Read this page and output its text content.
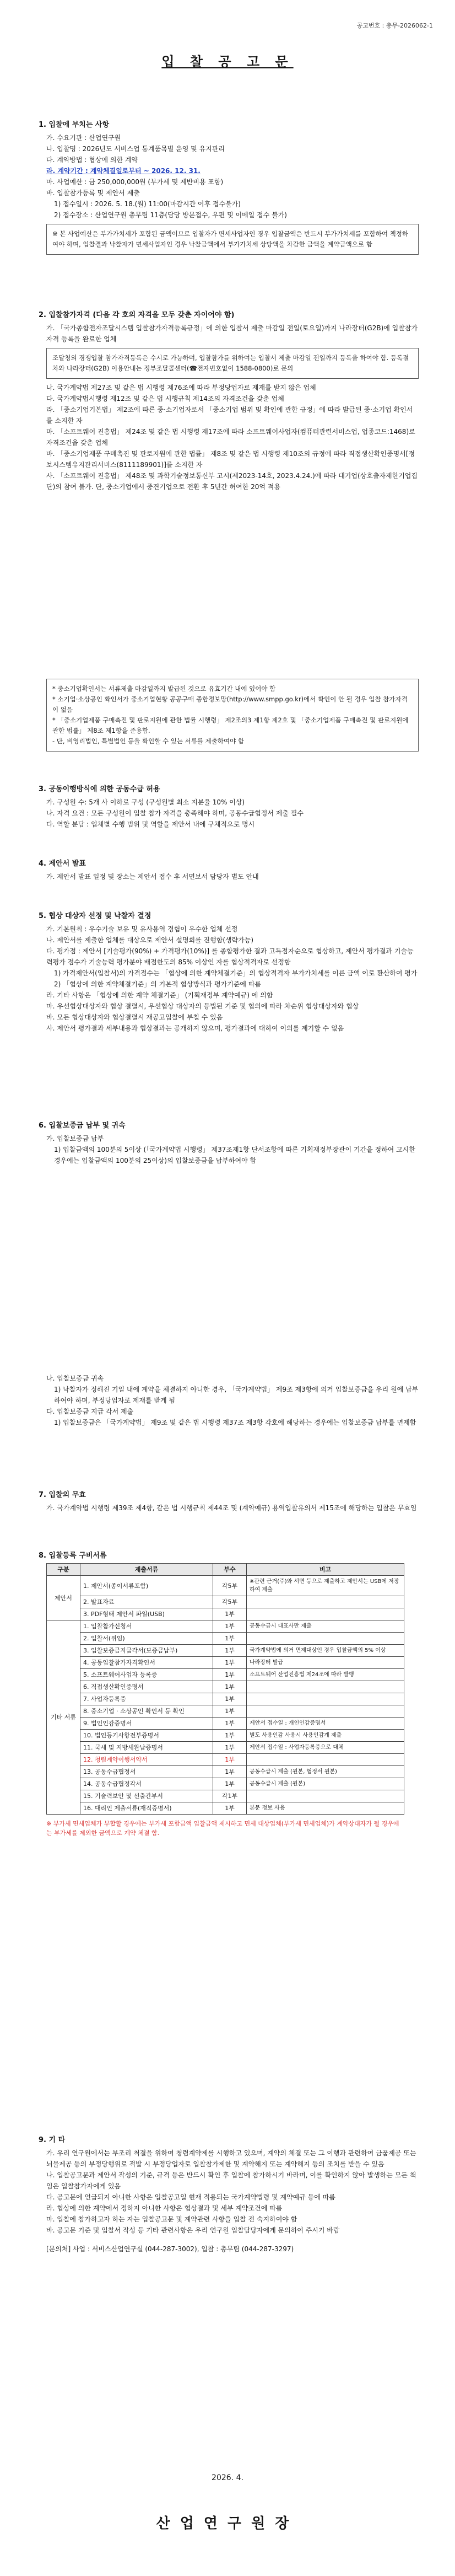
공고번호 : 총무-2026062-1
입 찰 공 고 문
1. 입찰에 부치는 사항
가. 수요기관 : 산업연구원
나. 입찰명 : 2026년도 서비스업 통계품목별 운영 및 유지관리
다. 계약방법 : 협상에 의한 계약
라. 계약기간 : 계약체결일로부터 ~ 2026. 12. 31.
마. 사업예산 : 금 250,000,000원 (부가세 및 제반비용 포함)
바. 입찰참가등록 및 제안서 제출
1) 접수일시 : 2026. 5. 18.(월) 11:00(마감시간 이후 접수불가)
2) 접수장소 : 산업연구원 총무팀 11층(담당 방문접수, 우편 및 이메일 접수 불가)
※ 본 사업예산은 부가가치세가 포함된 금액이므로 입찰자가 면세사업자인 경우 입찰금액은 반드시 부가가치세를 포함하여 책정하여야 하며, 입찰결과 낙찰자가 면세사업자인 경우 낙찰금액에서 부가가치세 상당액을 차감한 금액을 계약금액으로 함
2. 입찰참가자격 (다음 각 호의 자격을 모두 갖춘 자이어야 함)
가. 「국가종합전자조달시스템 입찰참가자격등록규정」에 의한 입찰서 제출 마감일 전일(토요일)까지 나라장터(G2B)에 입찰참가자격 등록을 완료한 업체
조달청의 경쟁입찰 참가자격등록은 수시로 가능하며, 입찰참가를 위하여는 입찰서 제출 마감일 전일까지 등록을 하여야 함. 등록절차와 나라장터(G2B) 이용안내는 정부조달콜센터(☎전자번호없이 1588-0800)로 문의
나. 국가계약법 제27조 및 같은 법 시행령 제76조에 따라 부정당업자로 제재를 받지 않은 업체
다. 국가계약법시행령 제12조 및 같은 법 시행규칙 제14조의 자격조건을 갖춘 업체
라. 「중소기업기본법」 제2조에 따른 중·소기업자로서 「중소기업 범위 및 확인에 관한 규정」에 따라 발급된 중·소기업 확인서를 소지한 자
마. 「소프트웨어 진흥법」 제24조 및 같은 법 시행령 제17조에 따라 소프트웨어사업자(컴퓨터관련서비스업, 업종코드:1468)로 자격조건을 갖춘 업체
바. 「중소기업제품 구매촉진 및 판로지원에 관한 법률」 제8조 및 같은 법 시행령 제10조의 규정에 따라 직접생산확인증명서[정보시스템유지관리서비스(8111189901)]를 소지한 자
사. 「소프트웨어 진흥법」 제48조 및 과학기술정보통신부 고시(제2023-14호, 2023.4.24.)에 따라 대기업(상호출자제한기업집단)의 참여 불가. 단, 중소기업에서 중견기업으로 전환 후 5년간 허여한 20억 적용
* 중소기업확인서는 서류제출 마감일까지 발급된 것으로 유효기간 내에 있어야 함
* 소기업·소상공인 확인서가 중소기업현황 공공구매 종합정보망(http://www.smpp.go.kr)에서 확인이 안 될 경우 입찰 참가자격이 없음
* 「중소기업제품 구매촉진 및 판로지원에 관한 법률 시행령」 제2조의3 제1항 제2호 및 「중소기업제품 구매촉진 및 판로지원에 관한 법률」 제8조 제1항을 준용함.
- 단, 비영리법인, 특별법인 등을 확인할 수 있는 서류를 제출하여야 함
3. 공동이행방식에 의한 공동수급 허용
가. 구성원 수: 5개 사 이하로 구성 (구성원별 최소 지분율 10% 이상)
나. 자격 요건 : 모든 구성원이 입찰 참가 자격을 충족해야 하며, 공동수급협정서 제출 필수
다. 역할 분담 : 업체별 수행 범위 및 역할을 제안서 내에 구체적으로 명시
4. 제안서 발표
가. 제안서 발표 일정 및 장소는 제안서 접수 후 서면보서 담당자 별도 안내
5. 협상 대상자 선정 및 낙찰자 결정
가. 기본원칙 : 우수기술 보유 및 유사용역 경험이 우수한 업체 선정
나. 제안서를 제출한 업체를 대상으로 제안서 설명회를 진행함(생략가능)
다. 평가점 : 제안서 [기술평가(90%) + 가격평가(10%)] 를 종합평가한 결과 고득점자순으로 협상하고, 제안서 평가결과 기술능력평가 점수가 기술능력 평가분야 배점한도의 85% 이상인 자를 협상적격자로 선정함
1) 가격제안서(입찰서)의 가격점수는 「협상에 의한 계약체결기준」의 협상적격자 부가가치세를 이른 금액 이로 환산하여 평가
2) 「협상에 의한 계약체결기준」의 기본적 협상방식과 평가기준에 따름
라. 기타 사항은 「협상에 의한 계약 체결기준」 (기획재정부 계약예규) 에 의함
마. 우선협상대상자와 협상 결렬시, 우선협상 대상자의 등법된 기준 및 협의에 따라 차순위 협상대상자와 협상
바. 모든 협상대상자와 협상결렬시 재공고입찰에 부칠 수 있음
사. 제안서 평가결과 세부내용과 협상결과는 공개하지 않으며, 평가결과에 대하여 이의를 제기할 수 없음
6. 입찰보증금 납부 및 귀속
가. 입찰보증금 납부
1) 입찰금액의 100분의 5이상 (「국가계약법 시행령」 제37조제1항 단서조항에 따른 기획재정부장관이 기간을 정하여 고시한 경우에는 입찰금액의 100분의 25이상)의 입찰보증금을 납부하여야 함
나. 입찰보증금 귀속
1) 낙찰자가 정해진 기일 내에 계약을 체결하지 아니한 경우, 「국가계약법」 제9조 제3항에 의거 입찰보증금을 우리 원에 납부하여야 하며, 부정당업자로 제재를 받게 됨
다. 입찰보증금 지급 각서 제출
1) 입찰보증금은 「국가계약법」 제9조 및 같은 법 시행령 제37조 제3항 각호에 해당하는 경우에는 입찰보증금 납부를 면제함
7. 입찰의 무효
가. 국가계약법 시행령 제39조 제4항, 같은 법 시행규칙 제44조 및 (계약예규) 용역입찰유의서 제15조에 해당하는 입찰은 무효임
8. 입찰등록 구비서류
구분	제출서류	부수	비고
제안서	1. 제안서(종이서류포함)	각5부	※관련 근거(주)와 서면 등으로 제출하고 제안서는 USB에 저장하여 제출
	2. 발표자료	각5부	
	3. PDF형태 제안서 파일(USB)	1부	
기타 서류	1. 입찰참가신청서	1부	공동수급시 대표사만 제출
	2. 입찰서(위임)	1부	
	3. 입찰보증금지급각서(보증금납부)	1부	국가계약법에 의거 면제대상인 경우 입찰금액의 5% 이상
	4. 공동입찰참가자격확인서	1부	나라장터 발급
	5. 소프트웨어사업자 등록증	1부	소프트웨어 산업진흥법 제24조에 따라 발행
	6. 직접생산확인증명서	1부	
	7. 사업자등록증	1부	
	8. 중소기업 · 소상공인 확인서 등 확인	1부	
	9. 법인인감증명서	1부	제안서 접수일 : 개인인감증명서
	10. 법인등기사항전부증명서	1부	별도 사용인감 사용시 사용인감계 제출
	11. 국세 및 지방세완납증명서	1부	제안서 접수일 : 사업자등록증으로 대체
	12. 청렴계약이행서약서	1부	
	13. 공동수급협정서	1부	공동수급시 제출 (원본, 협정서 원본)
	14. 공동수급협정각서	1부	공동수급시 제출 (원본)
	15. 기술력보안 및 선출간부서	각1부	
	16. 대리인 제출서류(재직증명서)	1부	본문 정보 사용
※ 부가세 면세업체가 부합할 경우에는 부가세 포함금액 입찰금액 제시하고 면세 대상업체(부가세 면세업체)가 계약상대자가 될 경우에는 부가세를 제외한 금액으로 계약 체결 함.
9. 기 타
가. 우리 연구원에서는 부조리 척결을 위하여 청렴계약제를 시행하고 있으며, 계약의 체결 또는 그 이행과 관련하여 금품제공 또는 뇌물제공 등의 부정당행위로 적발 시 부정당업자로 입찰참가제한 및 계약해지 또는 계약해지 등의 조치를 받을 수 있음
나. 입찰공고문과 제안서 작성의 기준, 규격 등은 반드시 확인 후 입찰에 참가하시기 바라며, 이를 확인하지 않아 발생하는 모든 책임은 입찰참가자에게 있음
다. 공고문에 언급되지 아니한 사항은 입찰공고일 현재 적용되는 국가계약법령 및 계약예규 등에 따름
라. 협상에 의한 계약에서 정하지 아니한 사항은 협상결과 및 세부 계약조건에 따름
마. 입찰에 참가하고자 하는 자는 입찰공고문 및 계약관련 사항을 입찰 전 숙지하여야 함
바. 공고문 기준 및 입찰서 작성 등 기타 관련사항은 우리 연구원 입찰담당자에게 문의하여 주시기 바람
[문의처] 사업 : 서비스산업연구실 (044-287-3002), 입찰 : 총무팀 (044-287-3297)
2026. 4.
산업연구원장
